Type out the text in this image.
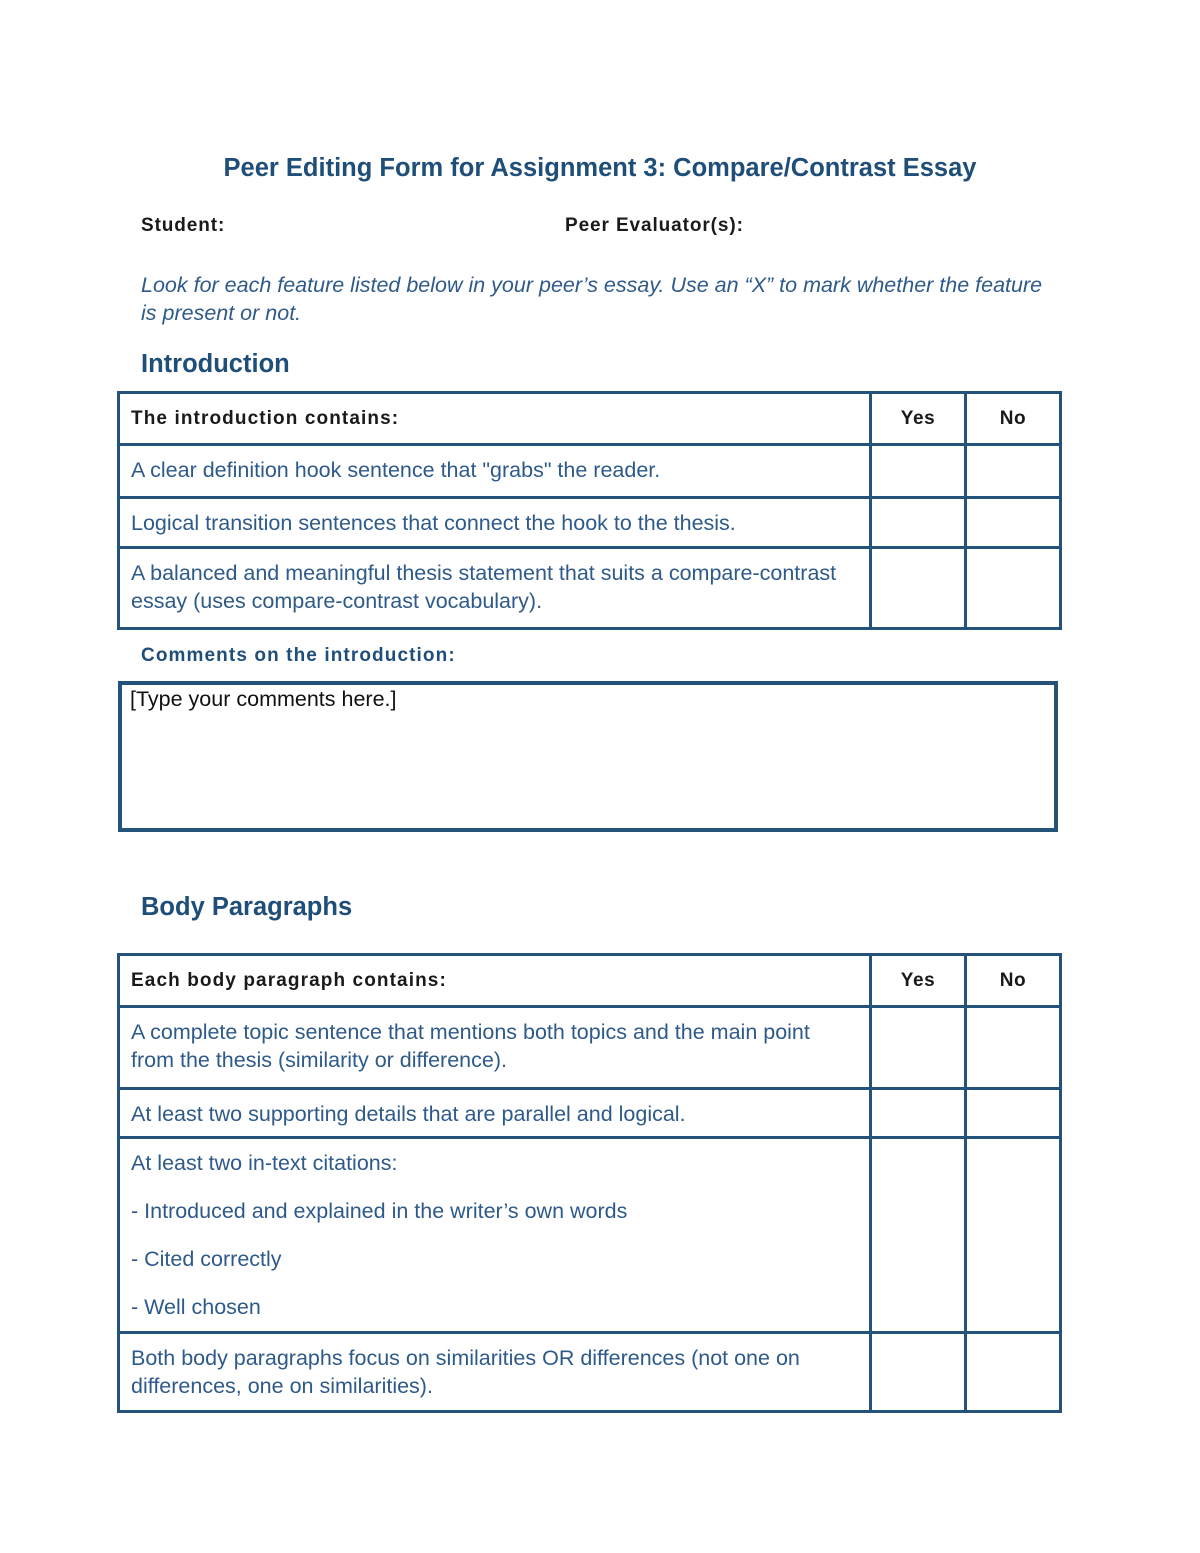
Peer Editing Form for Assignment 3: Compare/Contrast Essay
Student:	Peer Evaluator(s):

Look for each feature listed below in your peer’s essay. Use an “X” to mark whether the feature is present or not.

Introduction
The introduction contains:	Yes	No

A clear definition hook sentence that "grabs" the reader.		

Logical transition sentences that connect the hook to the thesis.		

A balanced and meaningful thesis statement that suits a compare-contrast essay (uses compare-contrast vocabulary).		

Comments on the introduction:

[Type your comments here.]
Body Paragraphs
Each body paragraph contains:	Yes	No

A complete topic sentence that mentions both topics and the main point from the thesis (similarity or difference).		

At least two supporting details that are parallel and logical.		

At least two in-text citations:

- Introduced and explained in the writer’s own words

- Cited correctly

- Well chosen		

Both body paragraphs focus on similarities OR differences (not one on differences, one on similarities).		
